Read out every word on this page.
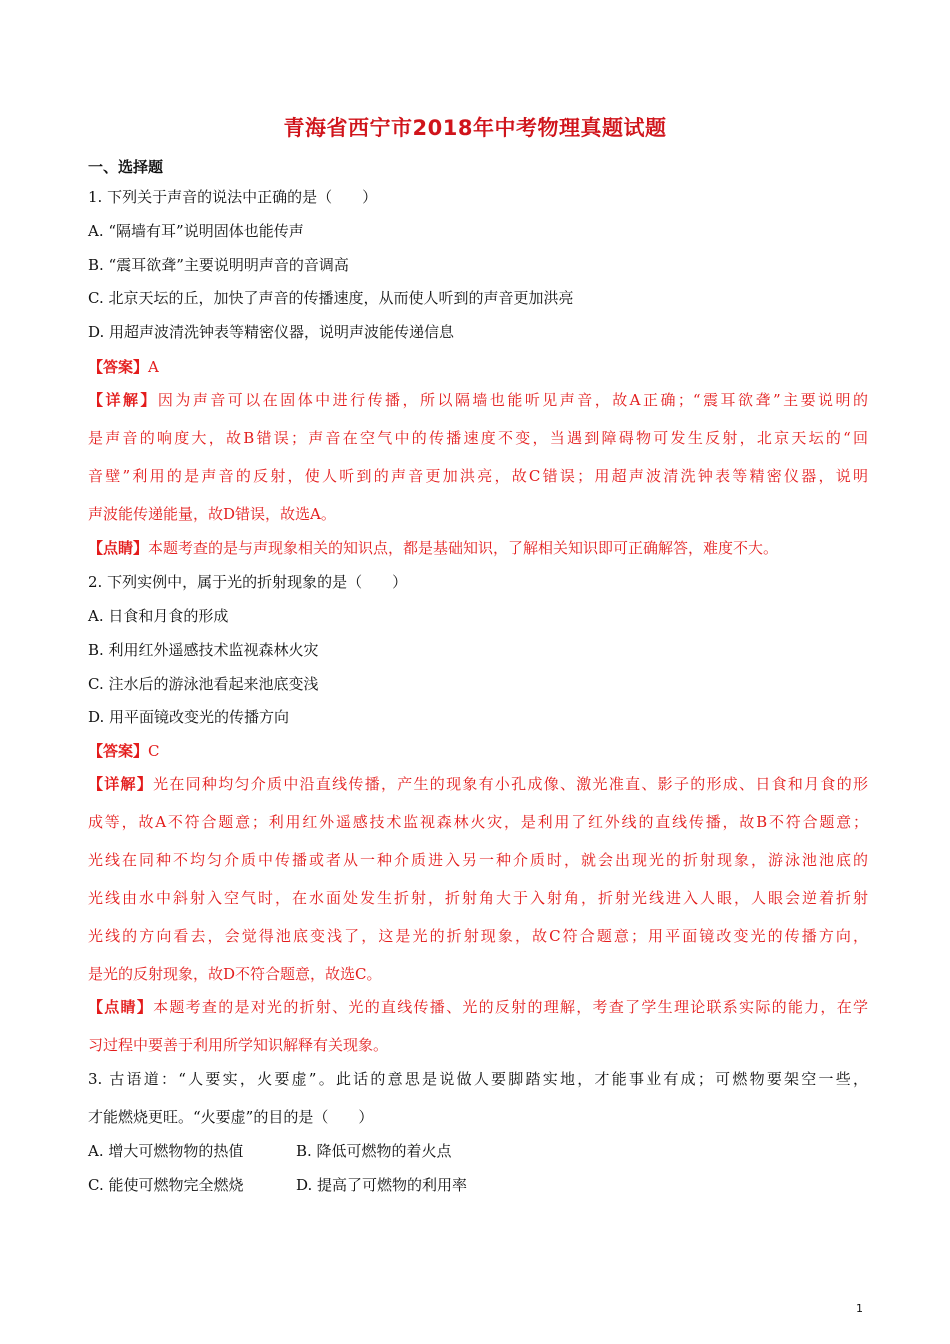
青海省西宁市2018年中考物理真题试题
一、选择题
1. 下列关于声音的说法中正确的是（　　）
A. “隔墙有耳”说明固体也能传声
B. “震耳欲聋”主要说明明声音的音调高
C. 北京天坛的丘，加快了声音的传播速度，从而使人听到的声音更加洪亮
D. 用超声波清洗钟表等精密仪器，说明声波能传递信息
【答案】A
【详解】因为声音可以在固体中进行传播，所以隔墙也能听见声音，故A正确；“震耳欲聋”主要说明的
是声音的响度大，故B错误；声音在空气中的传播速度不变，当遇到障碍物可发生反射，北京天坛的“回
音壁”利用的是声音的反射，使人听到的声音更加洪亮，故C错误；用超声波清洗钟表等精密仪器，说明
声波能传递能量，故D错误，故选A。
【点睛】本题考查的是与声现象相关的知识点，都是基础知识，了解相关知识即可正确解答，难度不大。
2. 下列实例中，属于光的折射现象的是（　　）
A. 日食和月食的形成
B. 利用红外遥感技术监视森林火灾
C. 注水后的游泳池看起来池底变浅
D. 用平面镜改变光的传播方向
【答案】C
【详解】光在同种均匀介质中沿直线传播，产生的现象有小孔成像、激光准直、影子的形成、日食和月食的形
成等，故A不符合题意；利用红外遥感技术监视森林火灾，是利用了红外线的直线传播，故B不符合题意；
光线在同种不均匀介质中传播或者从一种介质进入另一种介质时，就会出现光的折射现象，游泳池池底的
光线由水中斜射入空气时，在水面处发生折射，折射角大于入射角，折射光线进入人眼，人眼会逆着折射
光线的方向看去，会觉得池底变浅了，这是光的折射现象，故C符合题意；用平面镜改变光的传播方向，
是光的反射现象，故D不符合题意，故选C。
【点睛】本题考查的是对光的折射、光的直线传播、光的反射的理解，考查了学生理论联系实际的能力，在学
习过程中要善于利用所学知识解释有关现象。
3. 古语道：“人要实，火要虚”。此话的意思是说做人要脚踏实地，才能事业有成；可燃物要架空一些，
才能燃烧更旺。“火要虚”的目的是（　　）
A. 增大可燃物物的热值	B. 降低可燃物的着火点
C. 能使可燃物完全燃烧	D. 提高了可燃物的利用率
1
